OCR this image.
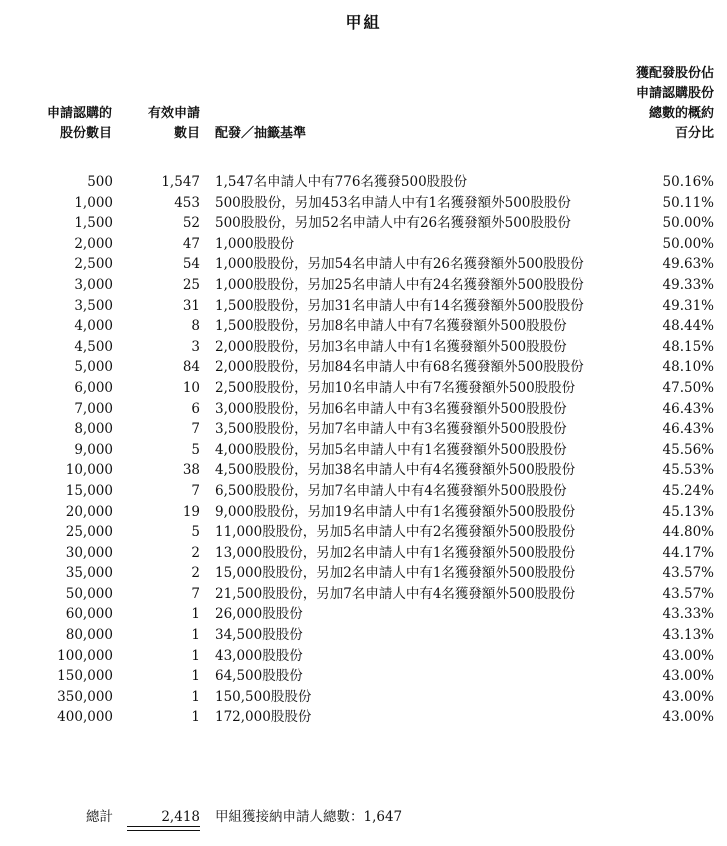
甲組
申請認購的
股份數目
有效申請
數目 配發／抽籤基準
獲配發股份佔
申請認購股份
總數的概約
百分比
500	1,547 1,547名申請人中有776名獲發500股股份	50.16%
1,000	453 500股股份，另加453名申請人中有1名獲發額外500股股份	50.11%
1,500	52 500股股份，另加52名申請人中有26名獲發額外500股股份	50.00%
2,000	47 1,000股股份	50.00%
2,500	54 1,000股股份，另加54名申請人中有26名獲發額外500股股份	49.63%
3,000	25 1,000股股份，另加25名申請人中有24名獲發額外500股股份	49.33%
3,500	31 1,500股股份，另加31名申請人中有14名獲發額外500股股份	49.31%
4,000	8 1,500股股份，另加8名申請人中有7名獲發額外500股股份	48.44%
4,500	3 2,000股股份，另加3名申請人中有1名獲發額外500股股份	48.15%
5,000	84 2,000股股份，另加84名申請人中有68名獲發額外500股股份	48.10%
6,000	10 2,500股股份，另加10名申請人中有7名獲發額外500股股份	47.50%
7,000	6 3,000股股份，另加6名申請人中有3名獲發額外500股股份	46.43%
8,000	7 3,500股股份，另加7名申請人中有3名獲發額外500股股份	46.43%
9,000	5 4,000股股份，另加5名申請人中有1名獲發額外500股股份	45.56%
10,000	38 4,500股股份，另加38名申請人中有4名獲發額外500股股份	45.53%
15,000	7 6,500股股份，另加7名申請人中有4名獲發額外500股股份	45.24%
20,000	19 9,000股股份，另加19名申請人中有1名獲發額外500股股份	45.13%
25,000	5 11,000股股份，另加5名申請人中有2名獲發額外500股股份	44.80%
30,000	2 13,000股股份，另加2名申請人中有1名獲發額外500股股份	44.17%
35,000	2 15,000股股份，另加2名申請人中有1名獲發額外500股股份	43.57%
50,000	7 21,500股股份，另加7名申請人中有4名獲發額外500股股份	43.57%
60,000	1 26,000股股份	43.33%
80,000	1 34,500股股份	43.13%
100,000	1 43,000股股份	43.00%
150,000	1 64,500股股份	43.00%
350,000	1 150,500股股份	43.00%
400,000	1 172,000股股份	43.00%
總計	2,418 甲組獲接納申請人總數：1,647
